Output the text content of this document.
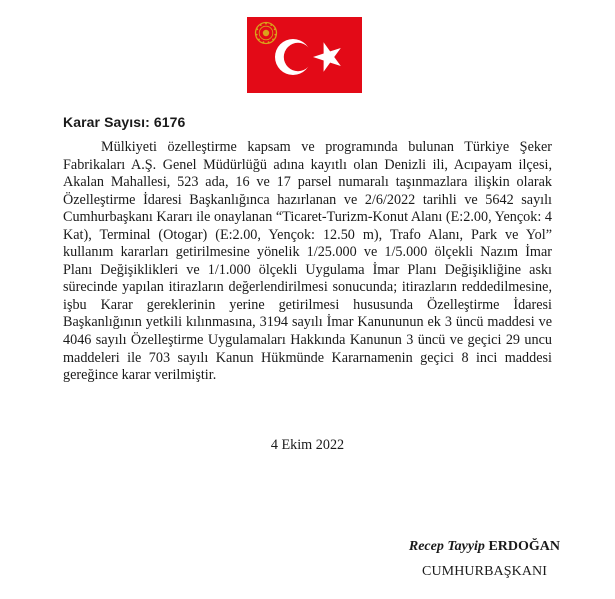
Karar Sayısı: 6176

Mülkiyeti özelleştirme kapsam ve programında bulunan Türkiye Şeker Fabrikaları A.Ş. Genel Müdürlüğü adına kayıtlı olan Denizli ili, Acıpayam ilçesi, Akalan Mahallesi, 523 ada, 16 ve 17 parsel numaralı taşınmazlara ilişkin olarak Özelleştirme İdaresi Başkanlığınca hazırlanan ve 2/6/2022 tarihli ve 5642 sayılı Cumhurbaşkanı Kararı ile onaylanan “Ticaret-Turizm-Konut Alanı (E:2.00, Yençok: 4 Kat), Terminal (Otogar) (E:2.00, Yençok: 12.50 m), Trafo Alanı, Park ve Yol” kullanım kararları getirilmesine yönelik 1/25.000 ve 1/5.000 ölçekli Nazım İmar Planı Değişiklikleri ve 1/1.000 ölçekli Uygulama İmar Planı Değişikliğine askı sürecinde yapılan itirazların değerlendirilmesi sonucunda; itirazların reddedilmesine, işbu Karar gereklerinin yerine getirilmesi hususunda Özelleştirme İdaresi Başkanlığının yetkili kılınmasına, 3194 sayılı İmar Kanununun ek 3 üncü maddesi ve 4046 sayılı Özelleştirme Uygulamaları Hakkında Kanunun 3 üncü ve geçici 29 uncu maddeleri ile 703 sayılı Kanun Hükmünde Kararnamenin geçici 8 inci maddesi gereğince karar verilmiştir.

4 Ekim 2022
Recep Tayyip ERDOĞAN
CUMHURBAŞKANI
